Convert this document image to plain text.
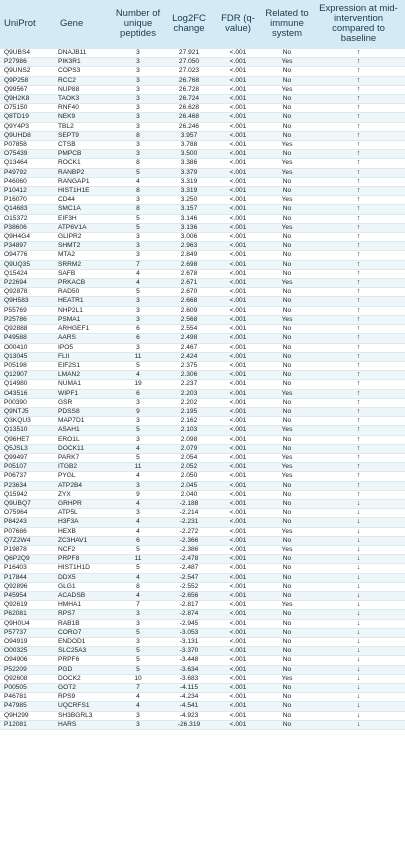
UniProt	Gene	Number of unique peptides	Log2FC change	FDR (q-value)	Related to immune system	Expression at mid-intervention compared to baseline
Q9UBS4	DNAJB11	3	27.921	<.001	No	↑
P27986	PIK3R1	3	27.050	<.001	Yes	↑
Q9UNS2	COPS3	3	27.023	<.001	No	↑
Q9P258	RCC2	3	26.768	<.001	No	↑
Q99567	NUP88	3	26.728	<.001	Yes	↑
Q9H2K8	TAOK3	3	26.724	<.001	No	↑
O75150	RNF40	3	26.628	<.001	No	↑
Q8TD19	NEK9	3	26.468	<.001	No	↑
Q9Y4P3	TBL2	3	26.246	<.001	No	↑
Q9UHD8	SEPT9	8	3.957	<.001	No	↑
P07858	CTSB	3	3.788	<.001	Yes	↑
O75439	PMPCB	3	3.500	<.001	No	↑
Q13464	ROCK1	8	3.386	<.001	Yes	↑
P49792	RANBP2	5	3.379	<.001	Yes	↑
P46060	RANGAP1	4	3.319	<.001	No	↑
P10412	HIST1H1E	8	3.319	<.001	No	↑
P16070	CD44	3	3.250	<.001	Yes	↑
Q14683	SMC1A	8	3.157	<.001	No	↑
O15372	EIF3H	5	3.146	<.001	No	↑
P38606	ATP6V1A	5	3.136	<.001	Yes	↑
Q9H4G4	GLIPR2	3	3.006	<.001	No	↑
P34897	SHMT2	3	2.963	<.001	No	↑
O94776	MTA2	3	2.849	<.001	No	↑
Q9UQ35	SRRM2	7	2.698	<.001	No	↑
Q15424	SAFB	4	2.678	<.001	No	↑
P22694	PRKACB	4	2.671	<.001	Yes	↑
Q92878	RAD50	5	2.670	<.001	No	↑
Q9H583	HEATR1	3	2.668	<.001	No	↑
P55769	NHP2L1	3	2.609	<.001	No	↑
P25786	PSMA1	3	2.568	<.001	Yes	↑
Q92888	ARHGEF1	6	2.554	<.001	No	↑
P49588	AARS	6	2.498	<.001	No	↑
O00410	IPO5	3	2.467	<.001	No	↑
Q13045	FLII	11	2.424	<.001	No	↑
P05198	EIF2S1	5	2.375	<.001	No	↑
Q12907	LMAN2	4	2.306	<.001	No	↑
Q14980	NUMA1	19	2.237	<.001	No	↑
O43516	WIPF1	6	2.203	<.001	Yes	↑
P00390	GSR	3	2.202	<.001	No	↑
Q9NTJ5	PDSS8	9	2.195	<.001	No	↑
Q3KQU3	MAP7D1	3	2.162	<.001	No	↑
Q13510	ASAH1	5	2.103	<.001	Yes	↑
Q96HE7	ERO1L	3	2.098	<.001	No	↑
Q5JSL3	DOCK11	4	2.079	<.001	No	↑
Q99497	PARK7	5	2.054	<.001	Yes	↑
P05107	ITGB2	11	2.052	<.001	Yes	↑
P06737	PYGL	4	2.050	<.001	Yes	↑
P23634	ATP2B4	3	2.045	<.001	No	↑
Q15942	ZYX	9	2.040	<.001	No	↑
Q9UBQ7	GRHPR	4	-2.188	<.001	No	↓
O75964	ATP5L	3	-2.214	<.001	No	↓
P84243	H3F3A	4	-2.231	<.001	No	↓
P07686	HEXB	4	-2.272	<.001	Yes	↓
Q7Z2W4	ZC3HAV1	6	-2.366	<.001	No	↓
P19878	NCF2	5	-2.386	<.001	Yes	↓
Q6P2Q9	PRPF8	11	-2.478	<.001	No	↓
P16403	HIST1H1D	5	-2.487	<.001	No	↓
P17844	DDX5	4	-2.547	<.001	No	↓
Q92896	GLG1	8	-2.552	<.001	No	↓
P45954	ACADSB	4	-2.656	<.001	No	↓
Q92619	HMHA1	7	-2.817	<.001	Yes	↓
P62081	RPS7	3	-2.874	<.001	No	↓
Q9H0U4	RAB1B	3	-2.945	<.001	No	↓
P57737	CORO7	5	-3.053	<.001	No	↓
O94919	ENDOD1	3	-3.131	<.001	No	↓
O00325	SLC25A3	5	-3.370	<.001	No	↓
O94906	PRPF6	5	-3.448	<.001	No	↓
P52209	PGD	5	-3.634	<.001	No	↓
Q92608	DOCK2	10	-3.683	<.001	Yes	↓
P00505	GOT2	7	-4.115	<.001	No	↓
P46781	RPS9	4	-4.234	<.001	No	↓
P47985	UQCRFS1	4	-4.541	<.001	No	↓
Q9H299	SH3BGRL3	3	-4.923	<.001	No	↓
P12081	HARS	3	-26.319	<.001	No	↓
